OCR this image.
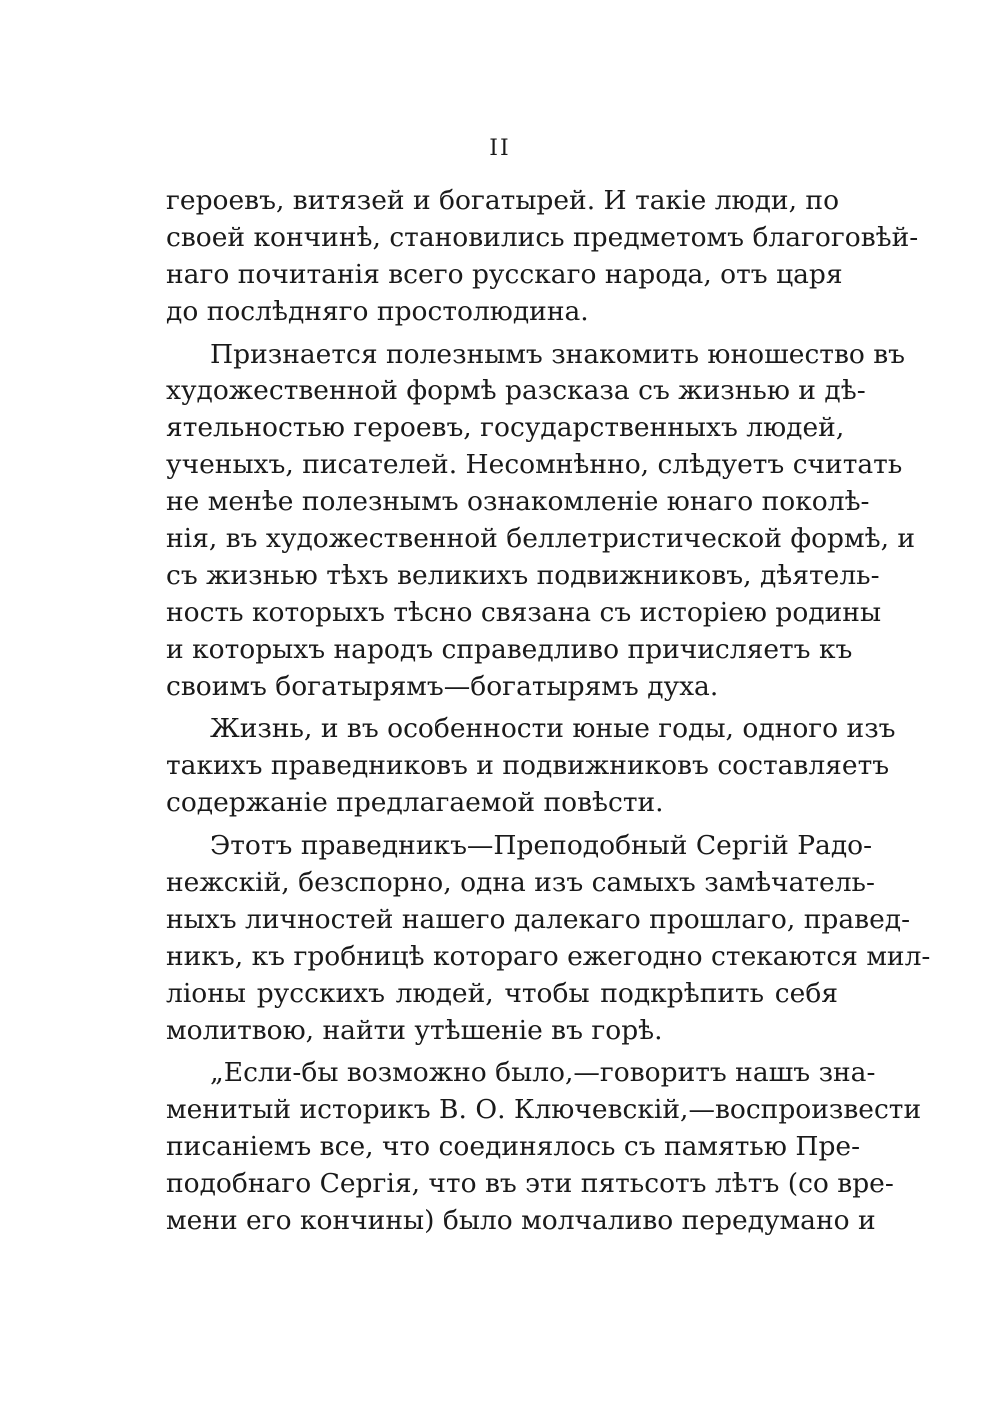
II
героевъ, витязей и богатырей. И такіе люди, по
своей кончинѣ, становились предметомъ благоговѣй-
наго почитанія всего русскаго народа, отъ царя
до послѣдняго простолюдина.
Признается полезнымъ знакомить юношество въ
художественной формѣ разсказа съ жизнью и дѣ-
ятельностью героевъ, государственныхъ людей,
ученыхъ, писателей. Несомнѣнно, слѣдуетъ считать
не менѣе полезнымъ ознакомленіе юнаго поколѣ-
нія, въ художественной беллетристической формѣ, и
съ жизнью тѣхъ великихъ подвижниковъ, дѣятель-
ность которыхъ тѣсно связана съ исторіею родины
и которыхъ народъ справедливо причисляетъ къ
своимъ богатырямъ—богатырямъ духа.
Жизнь, и въ особенности юные годы, одного изъ
такихъ праведниковъ и подвижниковъ составляетъ
содержаніе предлагаемой повѣсти.
Этотъ праведникъ—Преподобный Сергій Радо-
нежскій, безспорно, одна изъ самыхъ замѣчатель-
ныхъ личностей нашего далекаго прошлаго, правед-
никъ, къ гробницѣ котораго ежегодно стекаются мил-
ліоны русскихъ людей, чтобы подкрѣпить себя
молитвою, найти утѣшеніе въ горѣ.
„Если-бы возможно было,—говоритъ нашъ зна-
менитый историкъ В. О. Ключевскій,—воспроизвести
писаніемъ все, что соединялось съ памятью Пре-
подобнаго Сергія, что въ эти пятьсотъ лѣтъ (со вре-
мени его кончины) было молчаливо передумано и
